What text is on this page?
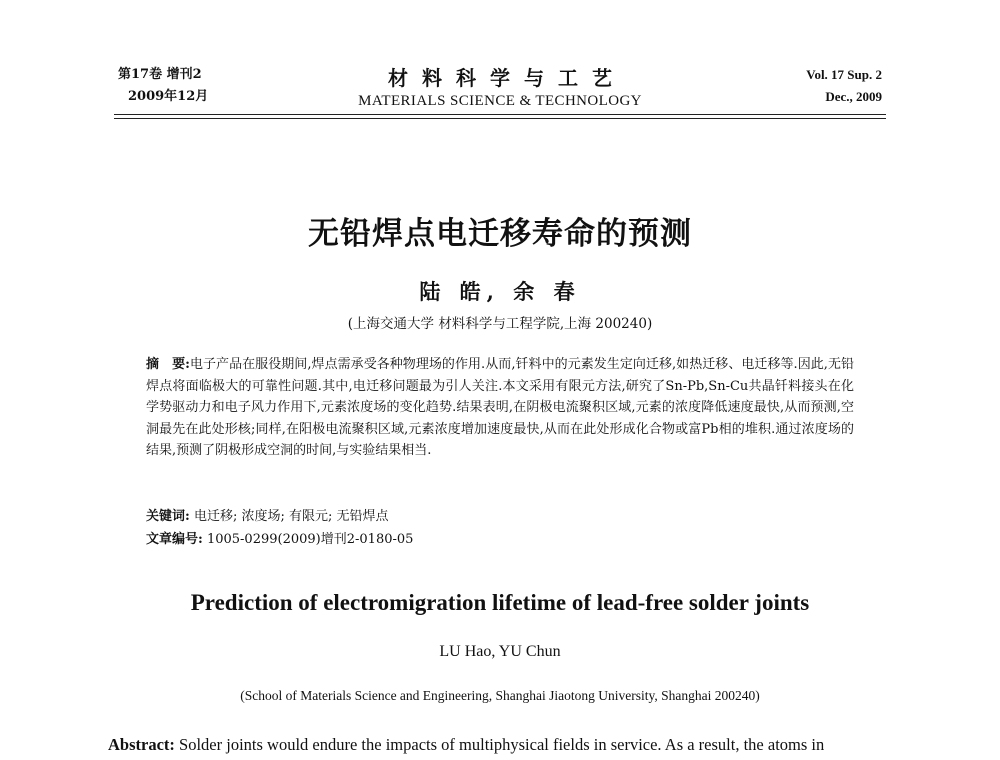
第17卷 增刊2
2009年12月
材料科学与工艺
MATERIALS SCIENCE & TECHNOLOGY
Vol. 17 Sup. 2
Dec., 2009
无铅焊点电迁移寿命的预测
陆 皓, 余 春
(上海交通大学 材料科学与工程学院,上海 200240)
摘　要:电子产品在服役期间,焊点需承受各种物理场的作用.从而,钎料中的元素发生定向迁移,如热迁移、电迁移等.因此,无铅焊点将面临极大的可靠性问题.其中,电迁移问题最为引人关注.本文采用有限元方法,研究了Sn-Pb,Sn-Cu共晶钎料接头在化学势驱动力和电子风力作用下,元素浓度场的变化趋势.结果表明,在阴极电流聚积区域,元素的浓度降低速度最快,从而预测,空洞最先在此处形核;同样,在阳极电流聚积区域,元素浓度增加速度最快,从而在此处形成化合物或富Pb相的堆积.通过浓度场的结果,预测了阴极形成空洞的时间,与实验结果相当.
关键词: 电迁移; 浓度场; 有限元; 无铅焊点
文章编号: 1005-0299(2009)增刊2-0180-05
Prediction of electromigration lifetime of lead-free solder joints
LU Hao, YU Chun
(School of Materials Science and Engineering, Shanghai Jiaotong University, Shanghai 200240)
Abstract: Solder joints would endure the impacts of multiphysical fields in service. As a result, the atoms in
